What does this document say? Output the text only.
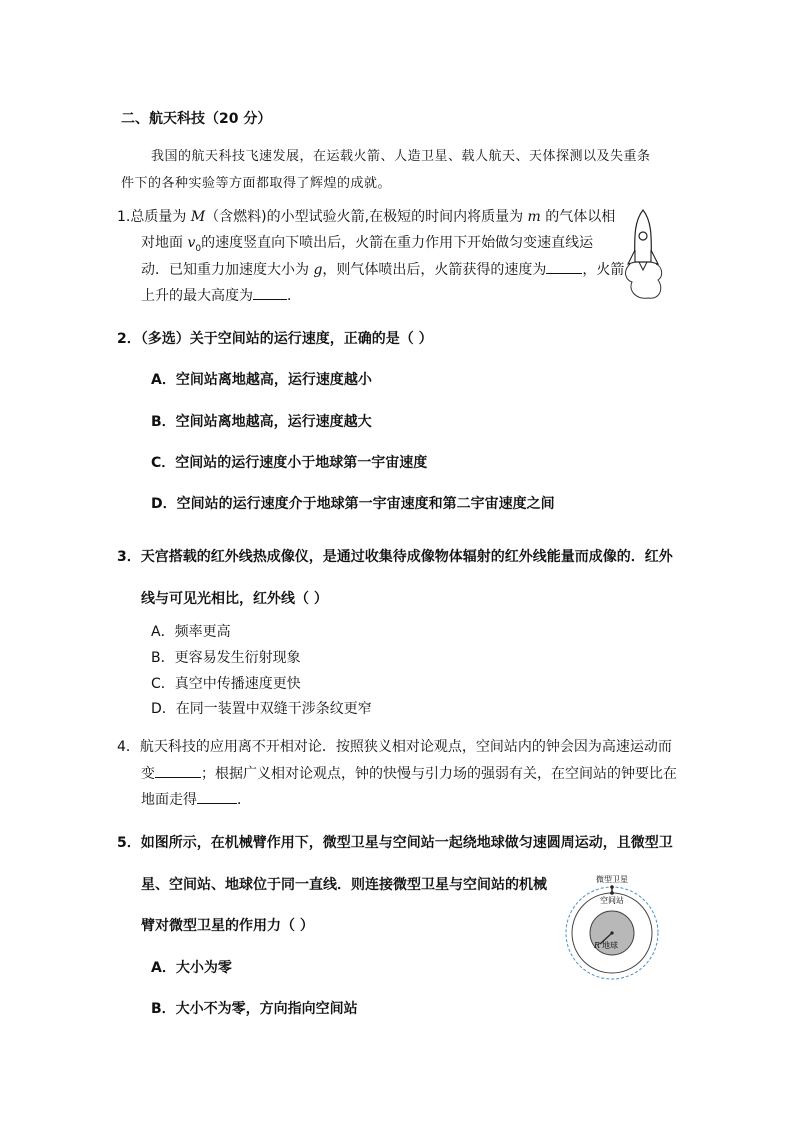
二、航天科技（20 分）
我国的航天科技飞速发展，在运载火箭、人造卫星、载人航天、天体探测以及失重条
件下的各种实验等方面都取得了辉煌的成就。
1.总质量为 M（含燃料)的小型试验火箭,在极短的时间内将质量为 m 的气体以相
对地面 $v_0$的速度竖直向下喷出后，火箭在重力作用下开始做匀变速直线运
动．已知重力加速度大小为 g，则气体喷出后，火箭获得的速度为	，火箭
上升的最大高度为 ．
2．（多选）关于空间站的运行速度，正确的是（ ）
A．空间站离地越高，运行速度越小
B．空间站离地越高，运行速度越大
C．空间站的运行速度小于地球第一宇宙速度
D．空间站的运行速度介于地球第一宇宙速度和第二宇宙速度之间
3．天宫搭载的红外线热成像仪，是通过收集待成像物体辐射的红外线能量而成像的．红外
线与可见光相比，红外线（ ）
A．频率更高
B．更容易发生衍射现象
C．真空中传播速度更快
D．在同一装置中双缝干涉条纹更窄
4．航天科技的应用离不开相对论．按照狭义相对论观点，空间站内的钟会因为高速运动而
变	；根据广义相对论观点，钟的快慢与引力场的强弱有关，在空间站的钟要比在
地面走得	．
5．如图所示，在机械臂作用下，微型卫星与空间站一起绕地球做匀速圆周运动，且微型卫
星、空间站、地球位于同一直线．则连接微型卫星与空间站的机械
臂对微型卫星的作用力（ ）
A．大小为零
B．大小不为零，方向指向空间站
微型卫星
空间站
R 地球
